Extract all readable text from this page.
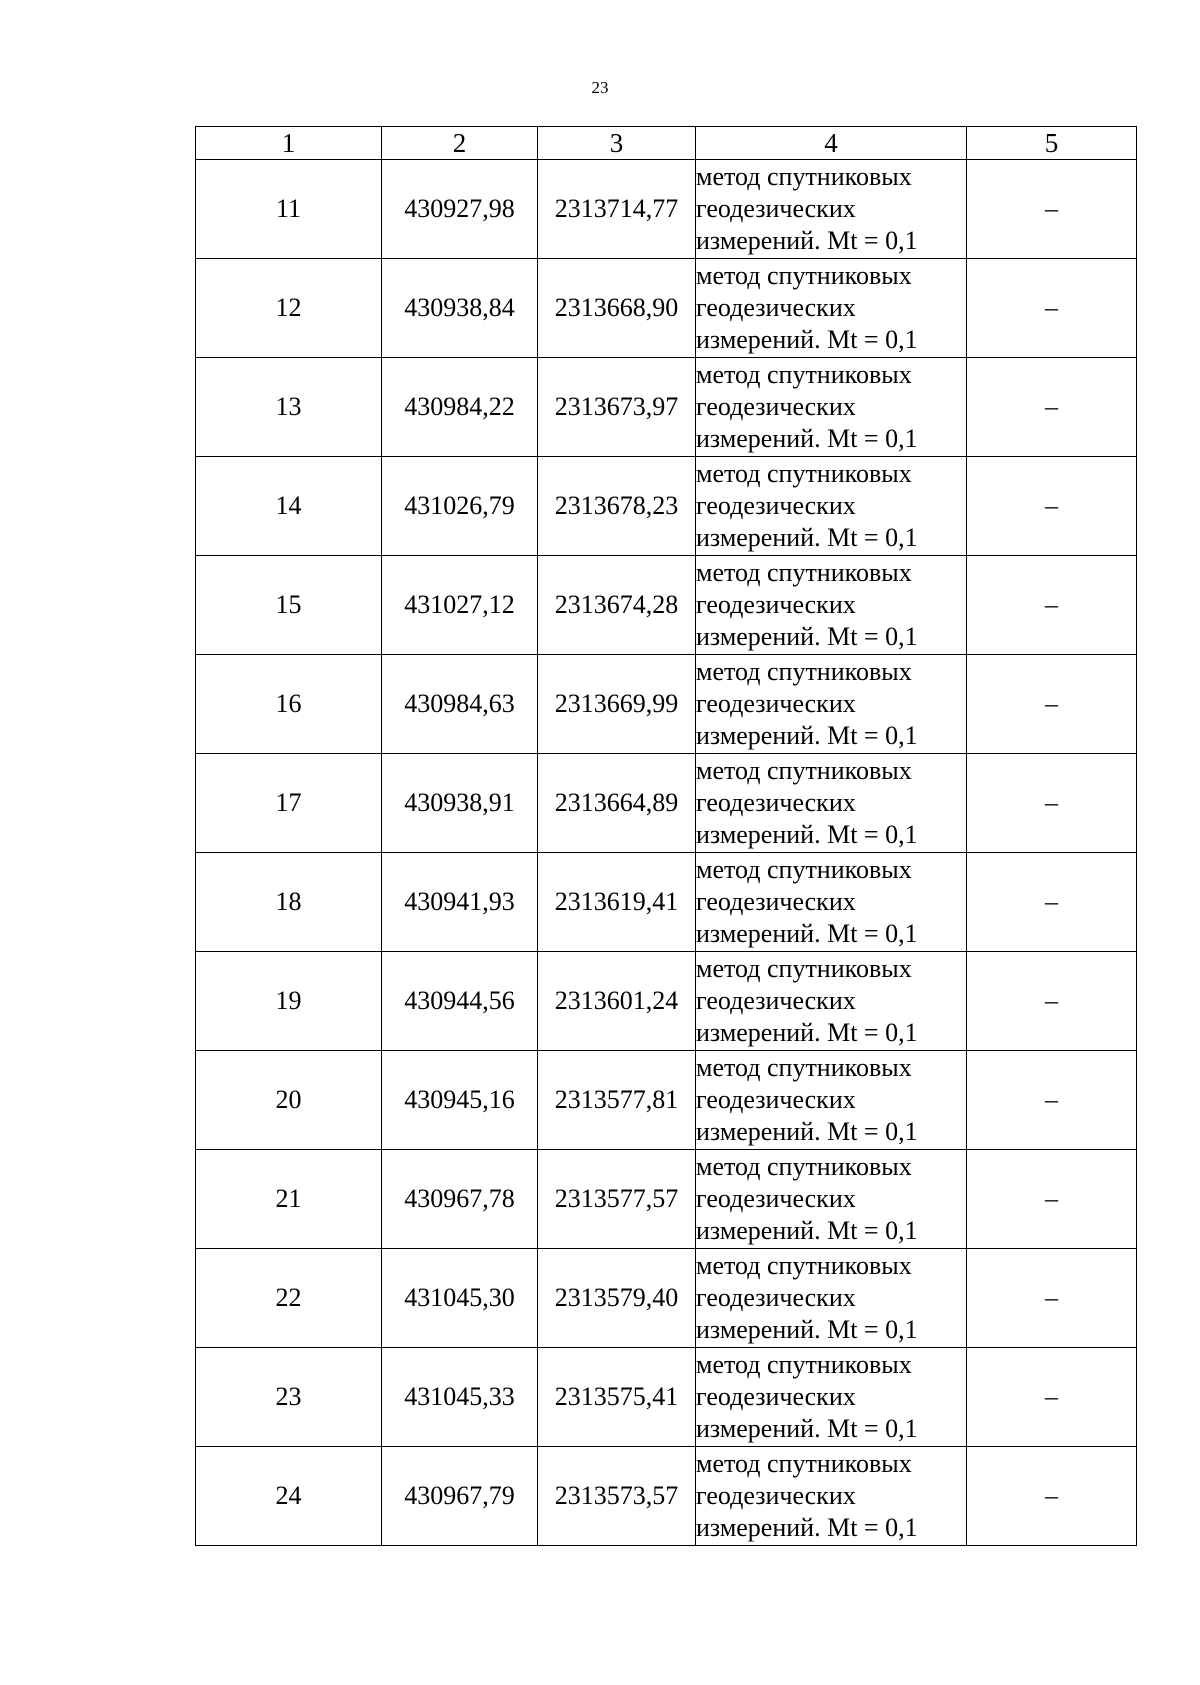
23
1	2	3	4	5
11	430927,98	2313714,77	метод спутниковых
геодезических
измерений. Mt = 0,1	–
12	430938,84	2313668,90	метод спутниковых
геодезических
измерений. Mt = 0,1	–
13	430984,22	2313673,97	метод спутниковых
геодезических
измерений. Mt = 0,1	–
14	431026,79	2313678,23	метод спутниковых
геодезических
измерений. Mt = 0,1	–
15	431027,12	2313674,28	метод спутниковых
геодезических
измерений. Mt = 0,1	–
16	430984,63	2313669,99	метод спутниковых
геодезических
измерений. Mt = 0,1	–
17	430938,91	2313664,89	метод спутниковых
геодезических
измерений. Mt = 0,1	–
18	430941,93	2313619,41	метод спутниковых
геодезических
измерений. Mt = 0,1	–
19	430944,56	2313601,24	метод спутниковых
геодезических
измерений. Mt = 0,1	–
20	430945,16	2313577,81	метод спутниковых
геодезических
измерений. Mt = 0,1	–
21	430967,78	2313577,57	метод спутниковых
геодезических
измерений. Mt = 0,1	–
22	431045,30	2313579,40	метод спутниковых
геодезических
измерений. Mt = 0,1	–
23	431045,33	2313575,41	метод спутниковых
геодезических
измерений. Mt = 0,1	–
24	430967,79	2313573,57	метод спутниковых
геодезических
измерений. Mt = 0,1	–
